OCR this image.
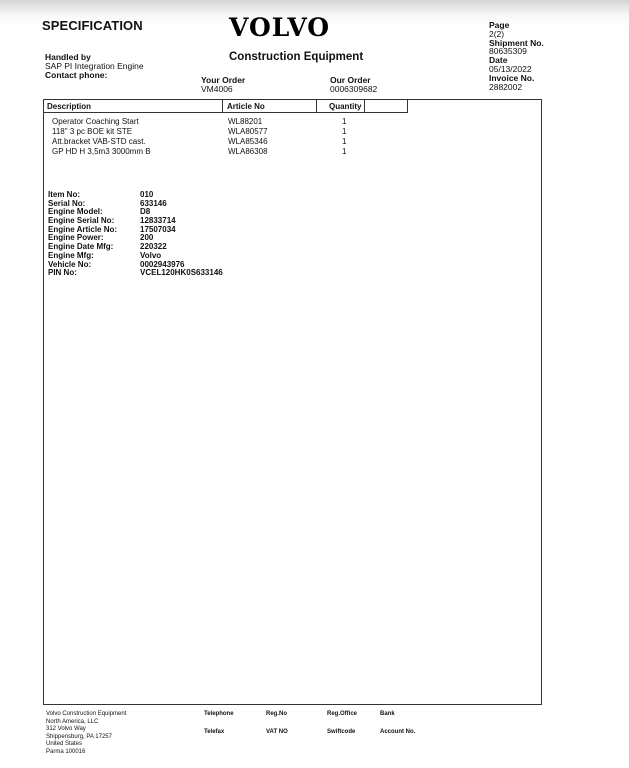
SPECIFICATION	VOLVO
Construction Equipment
Handled by
SAP PI Integration Engine
Contact phone:	Your Order
VM4006
Our Order
0006309682
Page
2(2)
Shipment No.
80635309
Date
05/13/2022
Invoice No.
2882002
Description	Article No	Quantity
Operator Coaching Start	WL88201	1
118" 3 pc BOE kit STE	WLA80577	1
Att.bracket VAB-STD cast.	WLA85346	1
GP HD H 3,5m3 3000mm B	WLA86308	1
Item No:	010
Serial No:	633146
Engine Model:	D8
Engine Serial No:	12833714
Engine Article No:	17507034
Engine Power:	200
Engine Date Mfg:	220322
Engine Mfg:	Volvo
Vehicle No:	0002943976
PIN No:	VCEL120HK0S633146
Volvo Construction Equipment
North America, LLC
312 Volvo Way
Shippensburg, PA 17257
United States
Parma 100016
Telephone
Telefax
Reg.No
VAT NO
Reg.Office
Swiftcode
Bank
Account No.
